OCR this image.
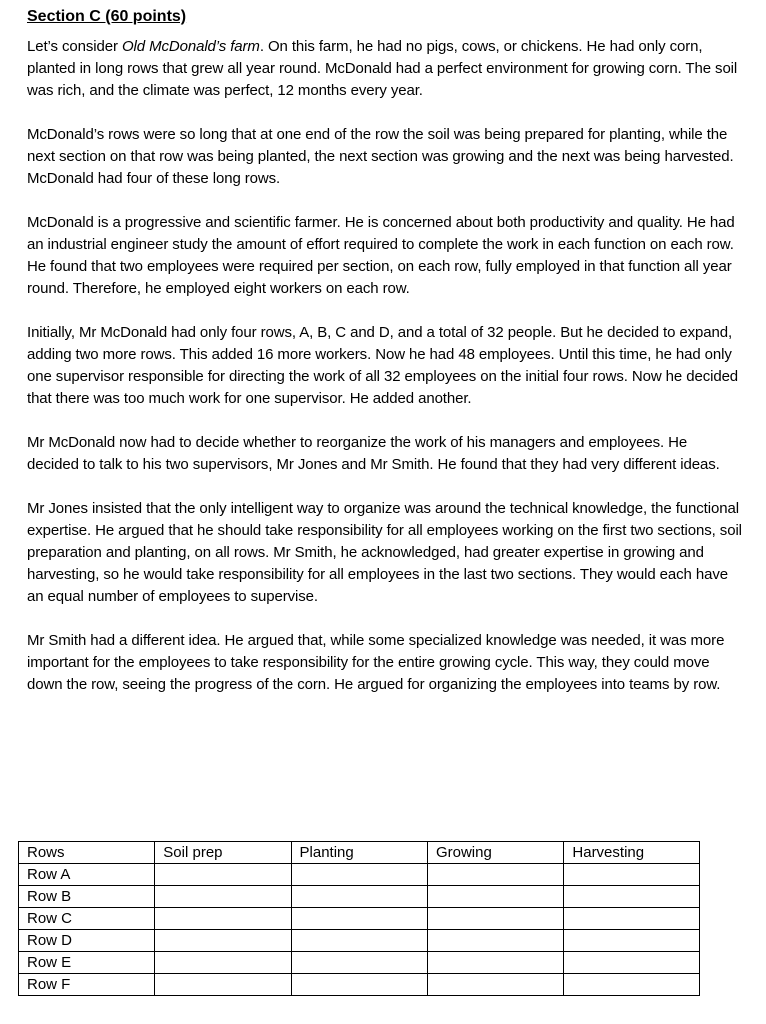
Section C (60 points)

Let’s consider Old McDonald’s farm. On this farm, he had no pigs, cows, or chickens. He had only corn, planted in long rows that grew all year round. McDonald had a perfect environment for growing corn. The soil was rich, and the climate was perfect, 12 months every year.

McDonald’s rows were so long that at one end of the row the soil was being prepared for planting, while the next section on that row was being planted, the next section was growing and the next was being harvested. McDonald had four of these long rows.

McDonald is a progressive and scientific farmer. He is concerned about both productivity and quality. He had an industrial engineer study the amount of effort required to complete the work in each function on each row. He found that two employees were required per section, on each row, fully employed in that function all year round. Therefore, he employed eight workers on each row.

Initially, Mr McDonald had only four rows, A, B, C and D, and a total of 32 people. But he decided to expand, adding two more rows. This added 16 more workers. Now he had 48 employees. Until this time, he had only one supervisor responsible for directing the work of all 32 employees on the initial four rows. Now he decided that there was too much work for one supervisor. He added another.

Mr McDonald now had to decide whether to reorganize the work of his managers and employees. He decided to talk to his two supervisors, Mr Jones and Mr Smith. He found that they had very different ideas.

Mr Jones insisted that the only intelligent way to organize was around the technical knowledge, the functional expertise. He argued that he should take responsibility for all employees working on the first two sections, soil preparation and planting, on all rows. Mr Smith, he acknowledged, had greater expertise in growing and harvesting, so he would take responsibility for all employees in the last two sections. They would each have an equal number of employees to supervise.

Mr Smith had a different idea. He argued that, while some specialized knowledge was needed, it was more important for the employees to take responsibility for the entire growing cycle. This way, they could move down the row, seeing the progress of the corn. He argued for organizing the employees into teams by row.

Rows	Soil prep	Planting	Growing	Harvesting
Row A				
Row B				
Row C				
Row D				
Row E				
Row F				
